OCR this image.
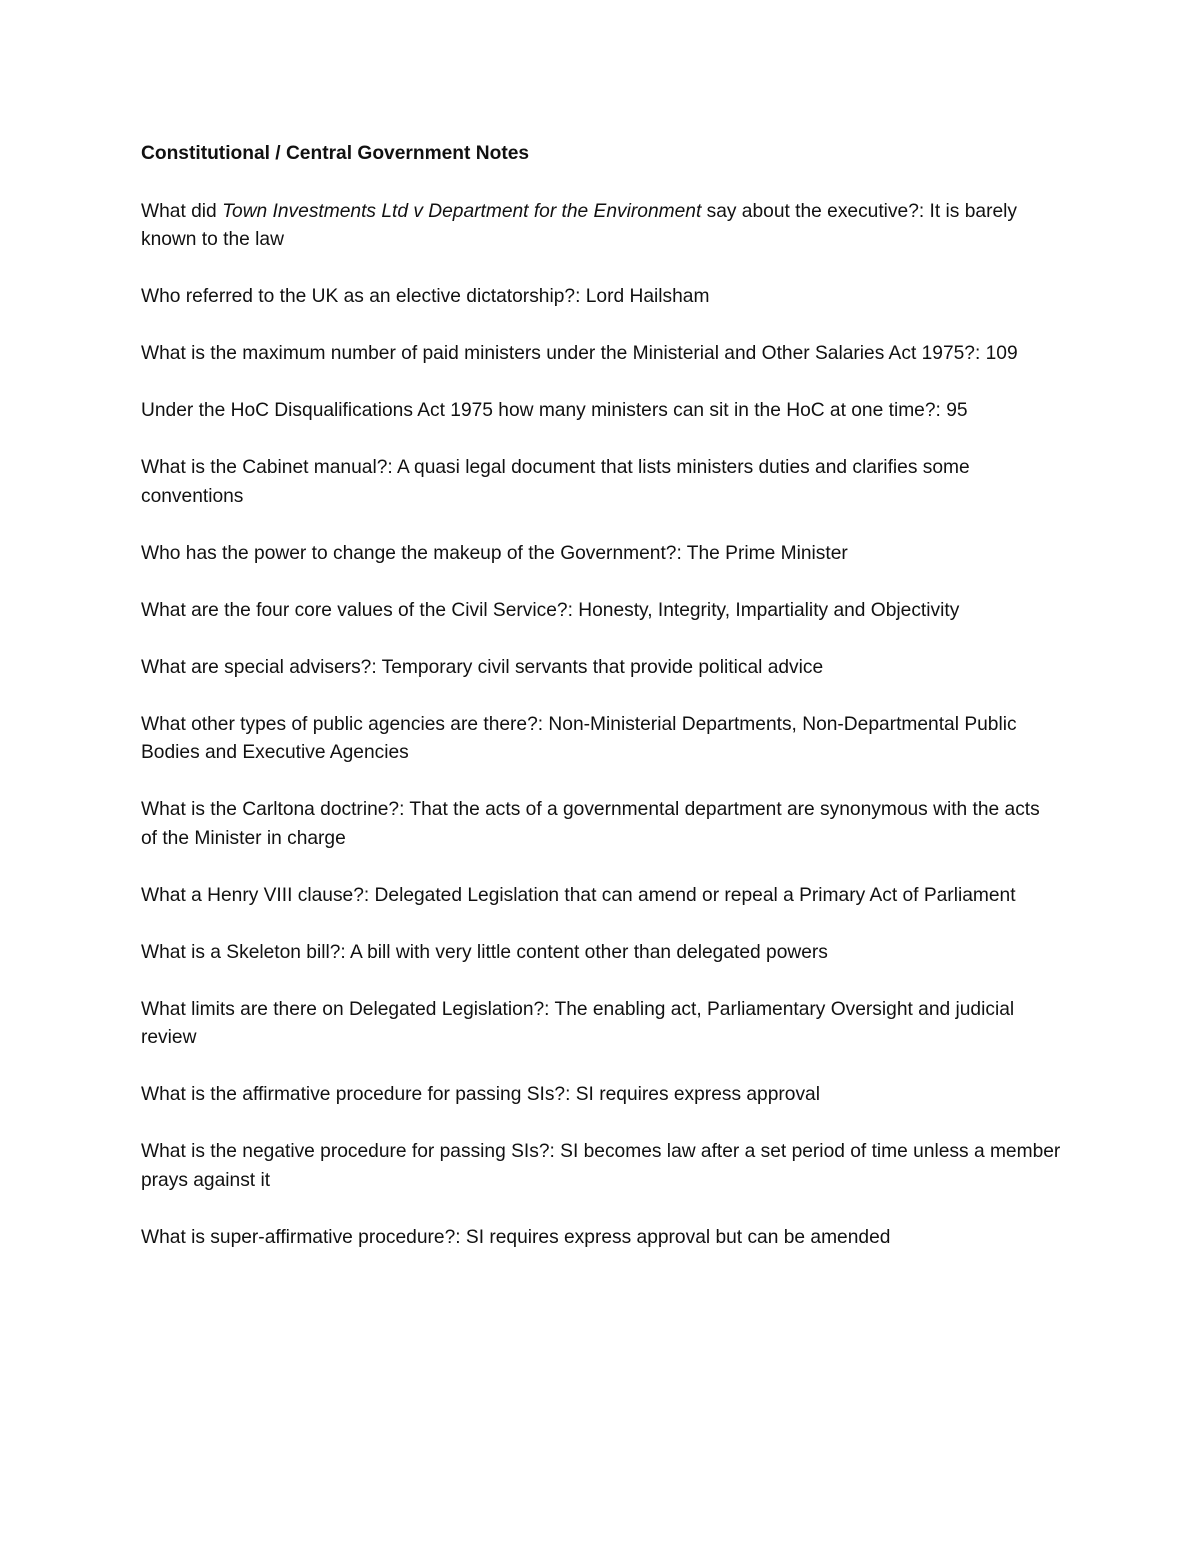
Constitutional / Central Government Notes

What did Town Investments Ltd v Department for the Environment say about the executive?: It is barely known to the law

Who referred to the UK as an elective dictatorship?: Lord Hailsham

What is the maximum number of paid ministers under the Ministerial and Other Salaries Act 1975?: 109

Under the HoC Disqualifications Act 1975 how many ministers can sit in the HoC at one time?: 95

What is the Cabinet manual?: A quasi legal document that lists ministers duties and clarifies some conventions

Who has the power to change the makeup of the Government?: The Prime Minister

What are the four core values of the Civil Service?: Honesty, Integrity, Impartiality and Objectivity

What are special advisers?: Temporary civil servants that provide political advice

What other types of public agencies are there?: Non-Ministerial Departments, Non-Departmental Public Bodies and Executive Agencies

What is the Carltona doctrine?: That the acts of a governmental department are synonymous with the acts of the Minister in charge

What a Henry VIII clause?: Delegated Legislation that can amend or repeal a Primary Act of Parliament

What is a Skeleton bill?: A bill with very little content other than delegated powers

What limits are there on Delegated Legislation?: The enabling act, Parliamentary Oversight and judicial review

What is the affirmative procedure for passing SIs?: SI requires express approval

What is the negative procedure for passing SIs?: SI becomes law after a set period of time unless a member prays against it

What is super-affirmative procedure?: SI requires express approval but can be amended
